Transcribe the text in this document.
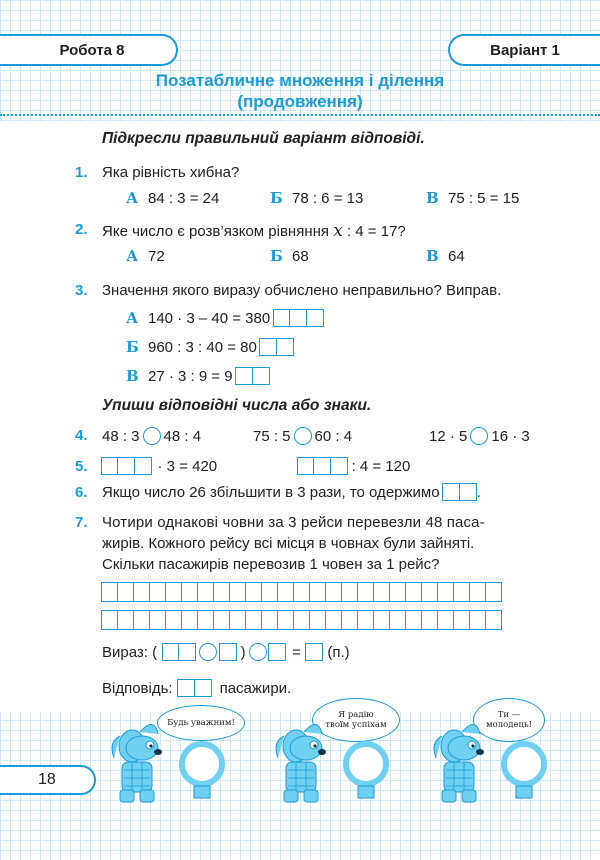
Робота 8	Варіант 1
Позатабличне множення і ділення
(продовження)
Підкресли правильний варіант відповіді.
1. Яка рівність хибна?
А 84 : 3 = 24	Б 78 : 6 = 13	В 75 : 5 = 15
2. Яке число є розв’язком рівняння x : 4 = 17?
А 72	Б 68	В 64
3. Значення якого виразу обчислено неправильно? Виправ.
А 140 · 3 – 40 = 380
Б 960 : 3 : 40 = 80
В 27 · 3 : 9 = 9
Упиши відповідні числа або знаки.
4. 48 : 3 48 : 4	75 : 5 60 : 4	12 · 5 16 · 3
5.	· 3 = 420	: 4 = 120
6. Якщо число 26 збільшити в 3 рази, то одержимо .
7. Чотири однакові човни за 3 рейси перевезли 48 паса-
жирів. Кожного рейсу всі місця в човнах були зайняті.
Скільки пасажирів перевозив 1 човен за 1 рейс?
Вираз: (	)	= (п.)
Відповідь:	пасажири.
18
Будь уважним!
Я радію твоїм успіхам
Ти — молодець!
